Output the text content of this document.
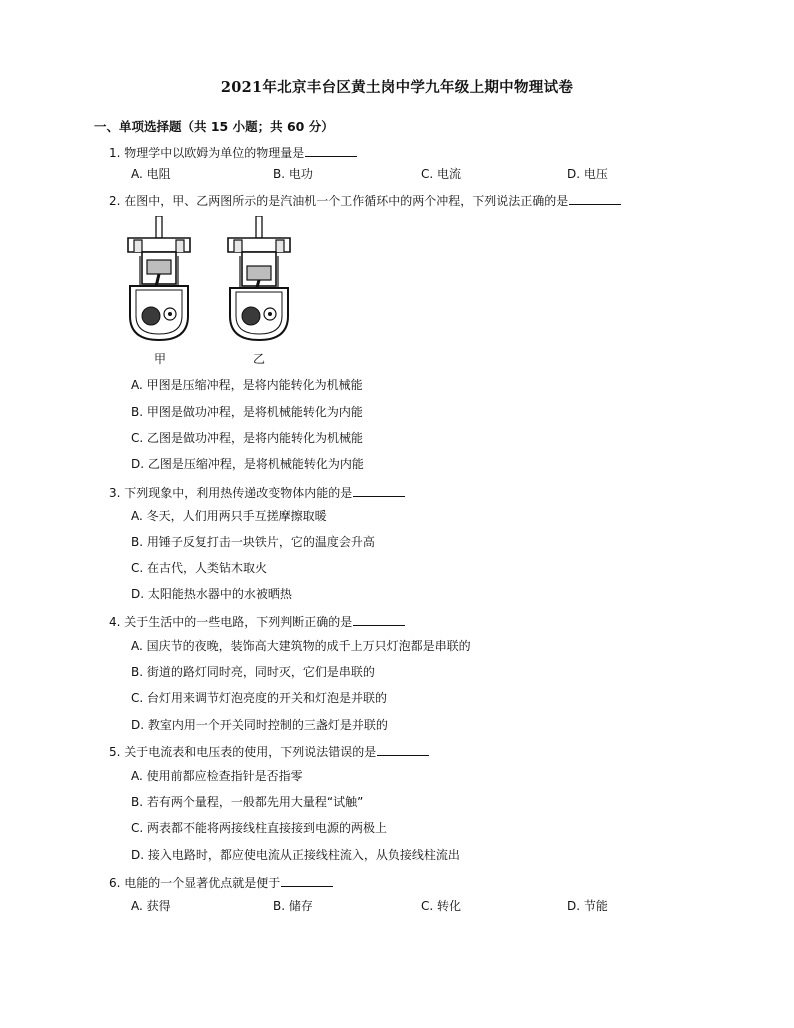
2021年北京丰台区黄土岗中学九年级上期中物理试卷
一、单项选择题（共 15 小题；共 60 分）
1. 物理学中以欧姆为单位的物理量是
A. 电阻	B. 电功	C. 电流	D. 电压
2. 在图中，甲、乙两图所示的是汽油机一个工作循环中的两个冲程，下列说法正确的是
甲	乙
A. 甲图是压缩冲程，是将内能转化为机械能
B. 甲图是做功冲程，是将机械能转化为内能
C. 乙图是做功冲程，是将内能转化为机械能
D. 乙图是压缩冲程，是将机械能转化为内能
3. 下列现象中，利用热传递改变物体内能的是
A. 冬天，人们用两只手互搓摩擦取暖
B. 用锤子反复打击一块铁片，它的温度会升高
C. 在古代，人类钻木取火
D. 太阳能热水器中的水被晒热
4. 关于生活中的一些电路，下列判断正确的是
A. 国庆节的夜晚，装饰高大建筑物的成千上万只灯泡都是串联的
B. 街道的路灯同时亮，同时灭，它们是串联的
C. 台灯用来调节灯泡亮度的开关和灯泡是并联的
D. 教室内用一个开关同时控制的三盏灯是并联的
5. 关于电流表和电压表的使用，下列说法错误的是
A. 使用前都应检查指针是否指零
B. 若有两个量程，一般都先用大量程“试触”
C. 两表都不能将两接线柱直接接到电源的两极上
D. 接入电路时，都应使电流从正接线柱流入，从负接线柱流出
6. 电能的一个显著优点就是便于
A. 获得	B. 储存	C. 转化	D. 节能
